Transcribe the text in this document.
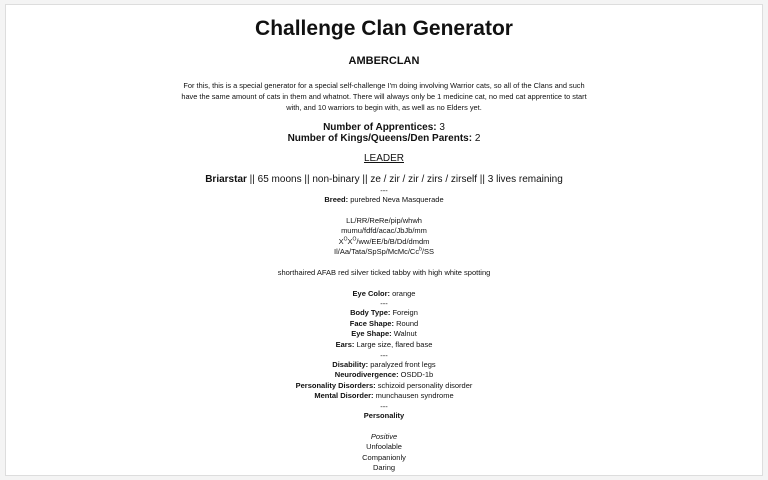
Challenge Clan Generator
AMBERCLAN
For this, this is a special generator for a special self-challenge I'm doing involving Warrior cats, so all of the Clans and such have the same amount of cats in them and whatnot. There will always only be 1 medicine cat, no med cat apprentice to start with, and 10 warriors to begin with, as well as no Elders yet.
Number of Apprentices: 3
Number of Kings/Queens/Den Parents: 2
LEADER
Briarstar || 65 moons || non-binary || ze / zir / zir / zirs / zirself || 3 lives remaining
---
Breed: purebred Neva Masquerade
LL/RR/ReRe/pip/whwh
mumu/fdfd/acac/JbJb/mm
$X^OX^O/ww/EE/b/B/Dd$/dmdm
Il/Aa/Tata/SpSp/McMc/Cc$^b$/SS
shorthaired AFAB red silver ticked tabby with high white spotting
Eye Color: orange
---
Body Type: Foreign
Face Shape: Round
Eye Shape: Walnut
Ears: Large size, flared base
---
Disability: paralyzed front legs
Neurodivergence: OSDD-1b
Personality Disorders: schizoid personality disorder
Mental Disorder: munchausen syndrome
---
Personality
Positive
Unfoolable
Companionly
Daring
